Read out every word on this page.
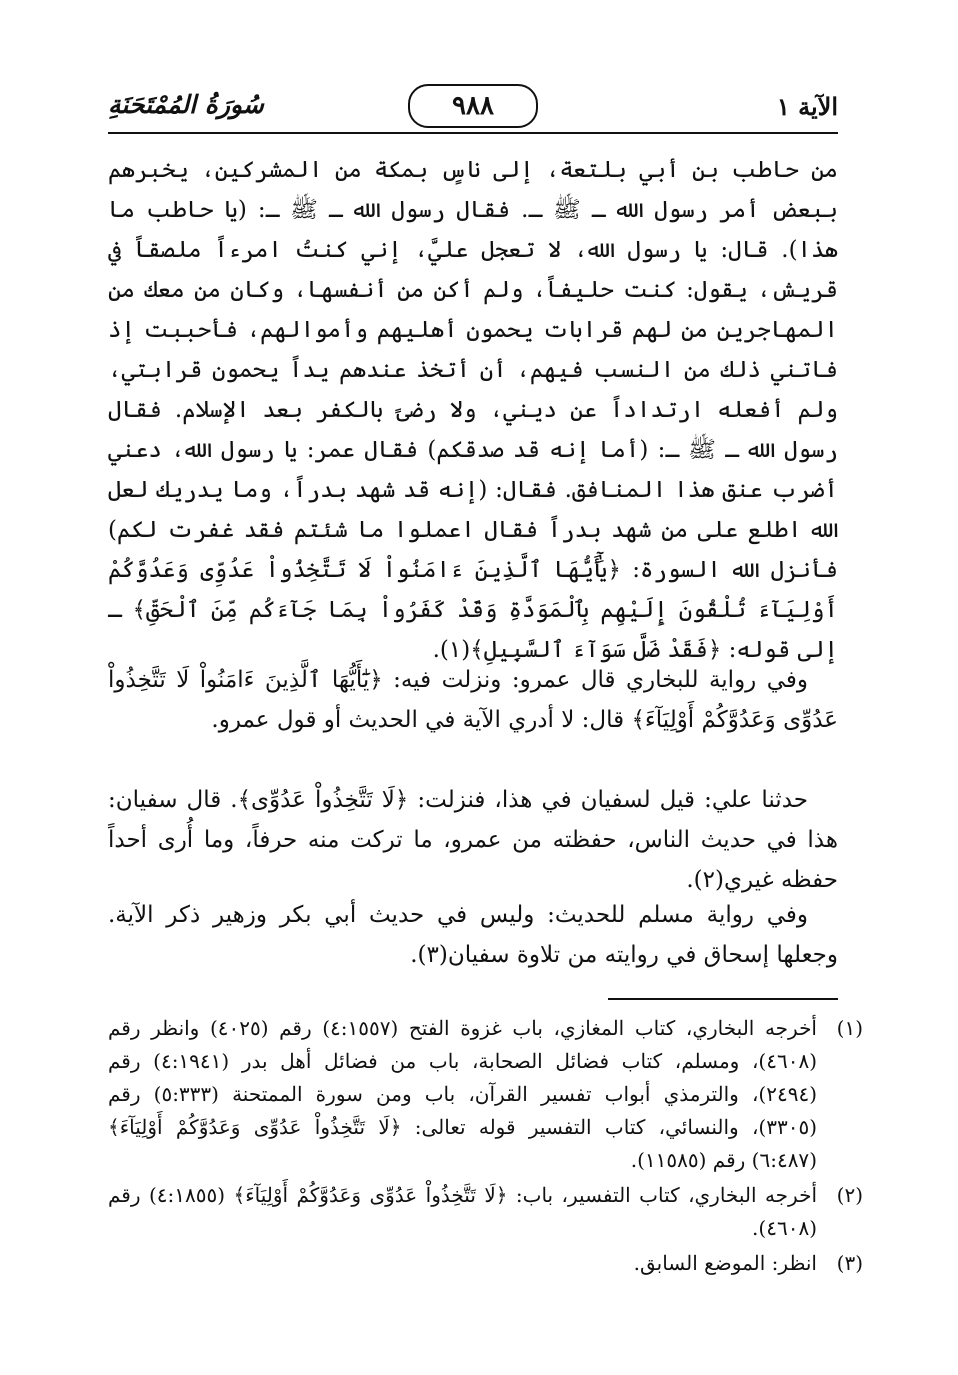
الآية ١
٩٨٨
سُورَةُ المُمْتَحَنَةِ
من حاطب بن أبي بلتعة، إلى ناسٍ بمكة من المشركين، يخبرهم ببعض أمر رسول الله ـ ﷺ ـ. فقال رسول الله ـ ﷺ ـ: (يا حاطب ما هذا). قال: يا رسول الله، لا تعجل عليَّ، إني كنتُ امرءاً ملصقاً في قريش، يقول: كنت حليفاً، ولم أكن من أنفسها، وكان من معك من المهاجرين من لهم قرابات يحمون أهليهم وأموالهم، فأحببت إذ فاتني ذلك من النسب فيهم، أن أتخذ عندهم يداً يحمون قرابتي، ولم أفعله ارتداداً عن ديني، ولا رضىً بالكفر بعد الإسلام. فقال رسول الله ـ ﷺ ـ: (أما إنه قد صدقكم) فقال عمر: يا رسول الله، دعني أضرب عنق هذا المنافق. فقال: (إنه قد شهد بدراً، وما يدريك لعل الله اطلع على من شهد بدراً فقال اعملوا ما شئتم فقد غفرت لكم) فأنزل الله السورة: ﴿يَٰٓأَيُّهَا ٱلَّذِينَ ءَامَنُواْ لَا تَتَّخِذُواْ عَدُوِّى وَعَدُوَّكُمْ أَوْلِيَآءَ تُلْقُونَ إِلَيْهِم بِٱلْمَوَدَّةِ وَقَدْ كَفَرُواْ بِمَا جَآءَكُم مِّنَ ٱلْحَقِّ﴾ ـ إلى قوله: ﴿فَقَدْ ضَلَّ سَوَآءَ ٱلسَّبِيلِ﴾(١).
وفي رواية للبخاري قال عمرو: ونزلت فيه: ﴿يَٰٓأَيُّهَا ٱلَّذِينَ ءَامَنُواْ لَا تَتَّخِذُواْ عَدُوِّى وَعَدُوَّكُمْ أَوْلِيَآءَ﴾ قال: لا أدري الآية في الحديث أو قول عمرو.
حدثنا علي: قيل لسفيان في هذا، فنزلت: ﴿لَا تَتَّخِذُواْ عَدُوِّى﴾. قال سفيان: هذا في حديث الناس، حفظته من عمرو، ما تركت منه حرفاً، وما أُرى أحداً حفظه غيري(٢).
وفي رواية مسلم للحديث: وليس في حديث أبي بكر وزهير ذكر الآية. وجعلها إسحاق في روايته من تلاوة سفيان(٣).
(١)
أخرجه البخاري، كتاب المغازي، باب غزوة الفتح (٤:١٥٥٧) رقم (٤٠٢٥) وانظر رقم (٤٦٠٨)، ومسلم، كتاب فضائل الصحابة، باب من فضائل أهل بدر (٤:١٩٤١) رقم (٢٤٩٤)، والترمذي أبواب تفسير القرآن، باب ومن سورة الممتحنة (٥:٣٣٣) رقم (٣٣٠٥)، والنسائي، كتاب التفسير قوله تعالى: ﴿لَا تَتَّخِذُواْ عَدُوِّى وَعَدُوَّكُمْ أَوْلِيَآءَ﴾ (٦:٤٨٧) رقم (١١٥٨٥).
(٢)
أخرجه البخاري، كتاب التفسير، باب: ﴿لَا تَتَّخِذُواْ عَدُوِّى وَعَدُوَّكُمْ أَوْلِيَآءَ﴾ (٤:١٨٥٥) رقم (٤٦٠٨).
(٣)
انظر: الموضع السابق.
